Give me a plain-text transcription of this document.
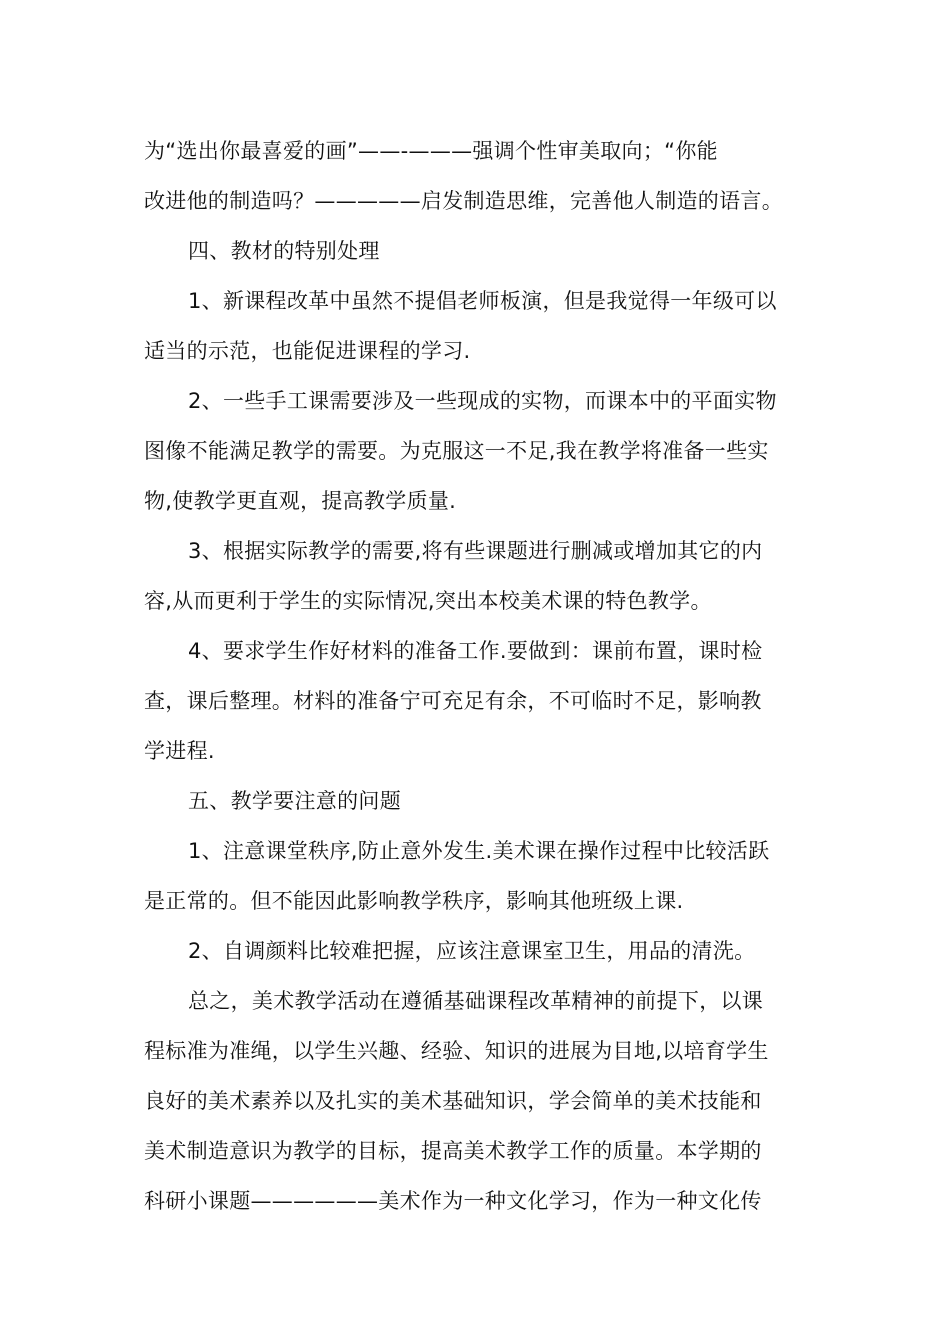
为“选出你最喜爱的画”——-———强调个性审美取向；“你能
改进他的制造吗？—————启发制造思维，完善他人制造的语言。
四、教材的特别处理
1、新课程改革中虽然不提倡老师板演，但是我觉得一年级可以
适当的示范，也能促进课程的学习.
2、一些手工课需要涉及一些现成的实物，而课本中的平面实物
图像不能满足教学的需要。为克服这一不足,我在教学将准备一些实
物,使教学更直观，提高教学质量.
3、根据实际教学的需要,将有些课题进行删减或增加其它的内
容,从而更利于学生的实际情况,突出本校美术课的特色教学。
4、要求学生作好材料的准备工作.要做到：课前布置，课时检
查，课后整理。材料的准备宁可充足有余，不可临时不足，影响教
学进程.
五、教学要注意的问题
1、注意课堂秩序,防止意外发生.美术课在操作过程中比较活跃
是正常的。但不能因此影响教学秩序，影响其他班级上课.
2、自调颜料比较难把握，应该注意课室卫生，用品的清洗。
总之，美术教学活动在遵循基础课程改革精神的前提下，以课
程标准为准绳，以学生兴趣、经验、知识的进展为目地,以培育学生
良好的美术素养以及扎实的美术基础知识，学会简单的美术技能和
美术制造意识为教学的目标，提高美术教学工作的质量。本学期的
科研小课题——————美术作为一种文化学习，作为一种文化传
